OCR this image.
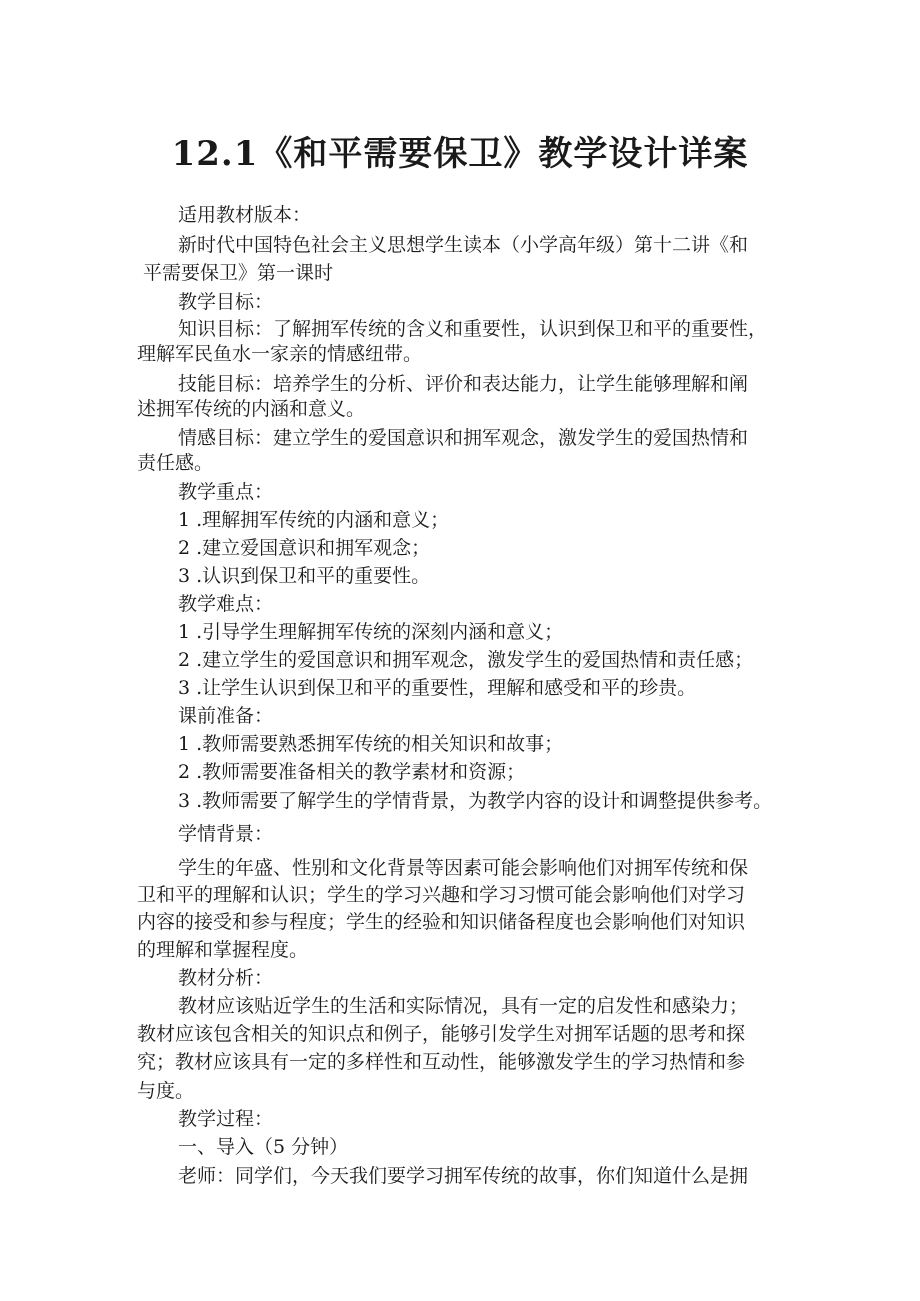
12.1《和平需要保卫》教学设计详案
适用教材版本：
新时代中国特色社会主义思想学生读本（小学高年级）第十二讲《和
平需要保卫》第一课时
教学目标：
知识目标：了解拥军传统的含义和重要性，认识到保卫和平的重要性，
理解军民鱼水一家亲的情感纽带。
技能目标：培养学生的分析、评价和表达能力，让学生能够理解和阐
述拥军传统的内涵和意义。
情感目标：建立学生的爱国意识和拥军观念，激发学生的爱国热情和
责任感。
教学重点：
1 .理解拥军传统的内涵和意义；
2 .建立爱国意识和拥军观念；
3 .认识到保卫和平的重要性。
教学难点：
1 .引导学生理解拥军传统的深刻内涵和意义；
2 .建立学生的爱国意识和拥军观念，激发学生的爱国热情和责任感；
3 .让学生认识到保卫和平的重要性，理解和感受和平的珍贵。
课前准备：
1 .教师需要熟悉拥军传统的相关知识和故事；
2 .教师需要准备相关的教学素材和资源；
3 .教师需要了解学生的学情背景，为教学内容的设计和调整提供参考。
学情背景：
学生的年盛、性别和文化背景等因素可能会影响他们对拥军传统和保
卫和平的理解和认识；学生的学习兴趣和学习习惯可能会影响他们对学习
内容的接受和参与程度；学生的经验和知识储备程度也会影响他们对知识
的理解和掌握程度。
教材分析：
教材应该贴近学生的生活和实际情况，具有一定的启发性和感染力；
教材应该包含相关的知识点和例子，能够引发学生对拥军话题的思考和探
究；教材应该具有一定的多样性和互动性，能够激发学生的学习热情和参
与度。
教学过程：
一、导入（5 分钟）
老师：同学们，今天我们要学习拥军传统的故事，你们知道什么是拥
